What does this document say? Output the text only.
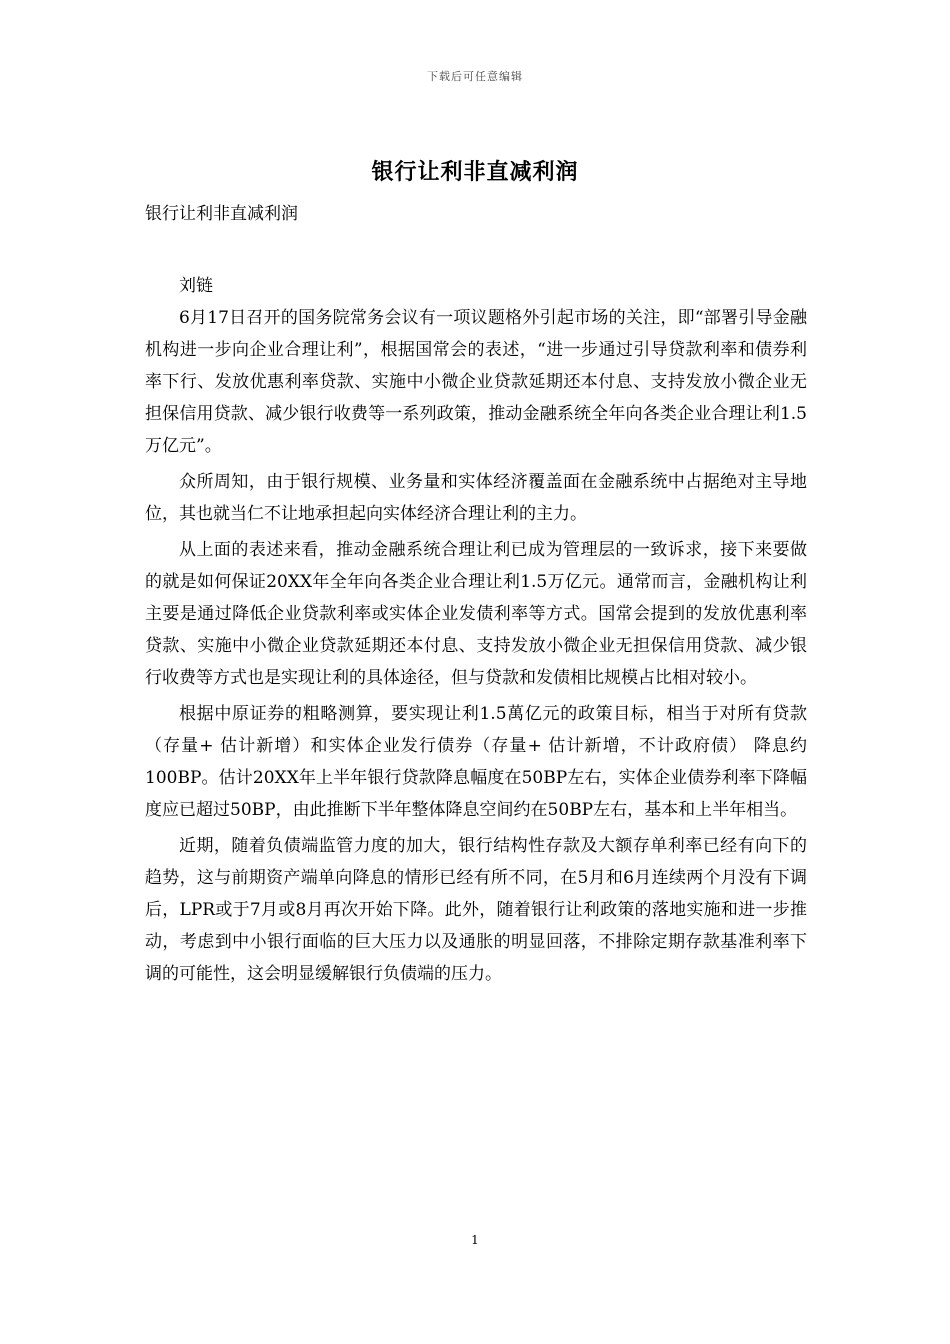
下载后可任意编辑
银行让利非直减利润

银行让利非直减利润

刘链

6月17日召开的国务院常务会议有一项议题格外引起市场的关注，即“部署引导金融机构进一步向企业合理让利”，根据国常会的表述，“进一步通过引导贷款利率和债券利率下行、发放优惠利率贷款、实施中小微企业贷款延期还本付息、支持发放小微企业无担保信用贷款、减少银行收费等一系列政策，推动金融系统全年向各类企业合理让利1.5万亿元”。

众所周知，由于银行规模、业务量和实体经济覆盖面在金融系统中占据绝对主导地位，其也就当仁不让地承担起向实体经济合理让利的主力。

从上面的表述来看，推动金融系统合理让利已成为管理层的一致诉求，接下来要做的就是如何保证20XX年全年向各类企业合理让利1.5万亿元。通常而言，金融机构让利主要是通过降低企业贷款利率或实体企业发债利率等方式。国常会提到的发放优惠利率贷款、实施中小微企业贷款延期还本付息、支持发放小微企业无担保信用贷款、减少银行收费等方式也是实现让利的具体途径，但与贷款和发债相比规模占比相对较小。

根据中原证券的粗略测算，要实现让利1.5萬亿元的政策目标，相当于对所有贷款（存量+ 估计新增）和实体企业发行债券（存量+ 估计新增，不计政府债） 降息约100BP。估计20XX年上半年银行贷款降息幅度在50BP左右，实体企业债券利率下降幅度应已超过50BP，由此推断下半年整体降息空间约在50BP左右，基本和上半年相当。

近期，随着负债端监管力度的加大，银行结构性存款及大额存单利率已经有向下的趋势，这与前期资产端单向降息的情形已经有所不同，在5月和6月连续两个月没有下调后，LPR或于7月或8月再次开始下降。此外，随着银行让利政策的落地实施和进一步推动，考虑到中小银行面临的巨大压力以及通胀的明显回落，不排除定期存款基准利率下调的可能性，这会明显缓解银行负债端的压力。

1
